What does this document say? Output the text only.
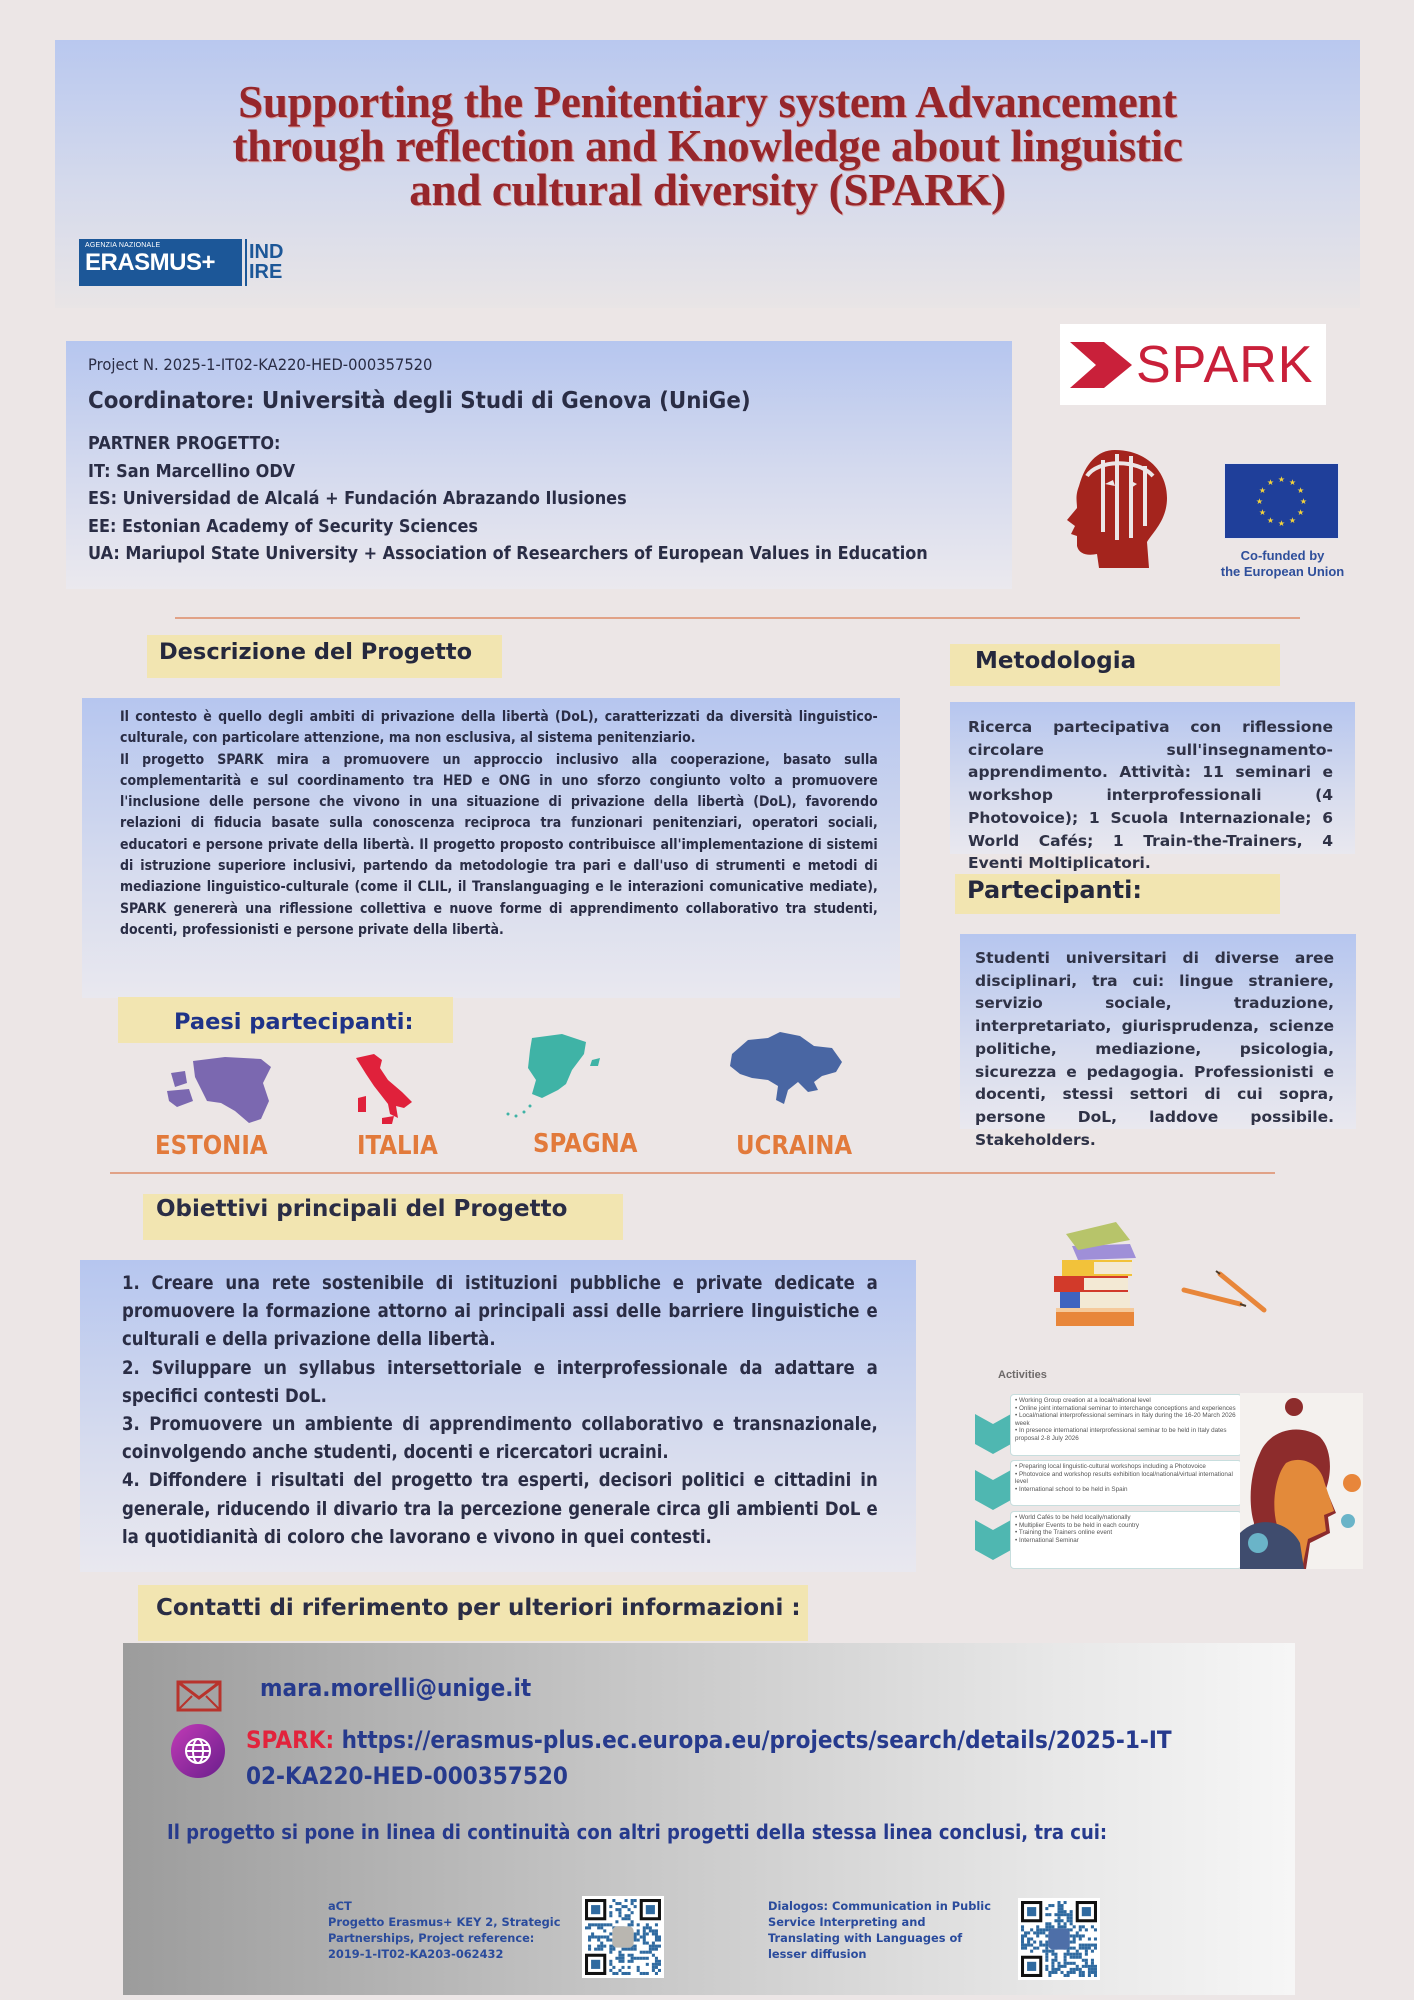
Supporting the Penitentiary system Advancement
through reflection and Knowledge about linguistic
and cultural diversity (SPARK)
AGENZIA NAZIONALE
ERASMUS+	IND
IRE
Project N. 2025-1-IT02-KA220-HED-000357520
Coordinatore: Università degli Studi di Genova (UniGe)
PARTNER PROGETTO:
IT: San Marcellino ODV
ES: Universidad de Alcalá + Fundación Abrazando Ilusiones
EE: Estonian Academy of Security Sciences
UA: Mariupol State University + Association of Researchers of European Values in Education
SPARK
★ ★
★
★
★
★
★
★
★
★
★
★
Co-funded by
the European Union
Descrizione del Progetto

Il contesto è quello degli ambiti di privazione della libertà (DoL), caratterizzati da diversità linguistico-culturale, con particolare attenzione, ma non esclusiva, al sistema penitenziario.

Il progetto SPARK mira a promuovere un approccio inclusivo alla cooperazione, basato sulla complementarità e sul coordinamento tra HED e ONG in uno sforzo congiunto volto a promuovere l'inclusione delle persone che vivono in una situazione di privazione della libertà (DoL), favorendo relazioni di fiducia basate sulla conoscenza reciproca tra funzionari penitenziari, operatori sociali, educatori e persone private della libertà. Il progetto proposto contribuisce all'implementazione di sistemi di istruzione superiore inclusivi, partendo da metodologie tra pari e dall'uso di strumenti e metodi di mediazione linguistico-culturale (come il CLIL, il Translanguaging e le interazioni comunicative mediate), SPARK genererà una riflessione collettiva e nuove forme di apprendimento collaborativo tra studenti, docenti, professionisti e persone private della libertà.

Metodologia
Ricerca partecipativa con riflessione circolare sull'insegnamento-apprendimento. Attività: 11 seminari e workshop interprofessionali (4 Photovoice); 1 Scuola Internazionale; 6 World Cafés; 1 Train-the-Trainers, 4 Eventi Moltiplicatori.
Partecipanti:
Studenti universitari di diverse aree disciplinari, tra cui: lingue straniere, servizio sociale, traduzione, interpretariato, giurisprudenza, scienze politiche, mediazione, psicologia, sicurezza e pedagogia. Professionisti e docenti, stessi settori di cui sopra, persone DoL, laddove possibile. Stakeholders.
Paesi partecipanti:
ESTONIA	ITALIA	SPAGNA	UCRAINA
Obiettivi principali del Progetto

1. Creare una rete sostenibile di istituzioni pubbliche e private dedicate a promuovere la formazione attorno ai principali assi delle barriere linguistiche e culturali e della privazione della libertà.

2. Sviluppare un syllabus intersettoriale e interprofessionale da adattare a specifici contesti DoL.

3. Promuovere un ambiente di apprendimento collaborativo e transnazionale, coinvolgendo anche studenti, docenti e ricercatori ucraini.

4. Diffondere i risultati del progetto tra esperti, decisori politici e cittadini in generale, riducendo il divario tra la percezione generale circa gli ambienti DoL e la quotidianità di coloro che lavorano e vivono in quei contesti.

Activities
• Working Group creation at a local/national level
• Online joint international seminar to interchange conceptions and experiences
• Local/national interprofessional seminars in Italy during the 16-20 March 2026 week
• In presence international interprofessional seminar to be held in Italy dates proposal 2-8 July 2026
• Preparing local linguistic-cultural workshops including a Photovoice
• Photovoice and workshop results exhibition local/national/virtual international level
• International school to be held in Spain
• World Cafés to be held locally/nationally
• Multiplier Events to be held in each country
• Training the Trainers online event
• International Seminar
Contatti di riferimento per ulteriori informazioni :
mara.morelli@unige.it
SPARK: https://erasmus-plus.ec.europa.eu/projects/search/details/2025-1-IT02-KA220-HED-000357520
Il progetto si pone in linea di continuità con altri progetti della stessa linea conclusi, tra cui:
aCT
Progetto Erasmus+ KEY 2, Strategic
Partnerships, Project reference:
2019-1-IT02-KA203-062432
Dialogos: Communication in Public
Service Interpreting and
Translating with Languages of
lesser diffusion
